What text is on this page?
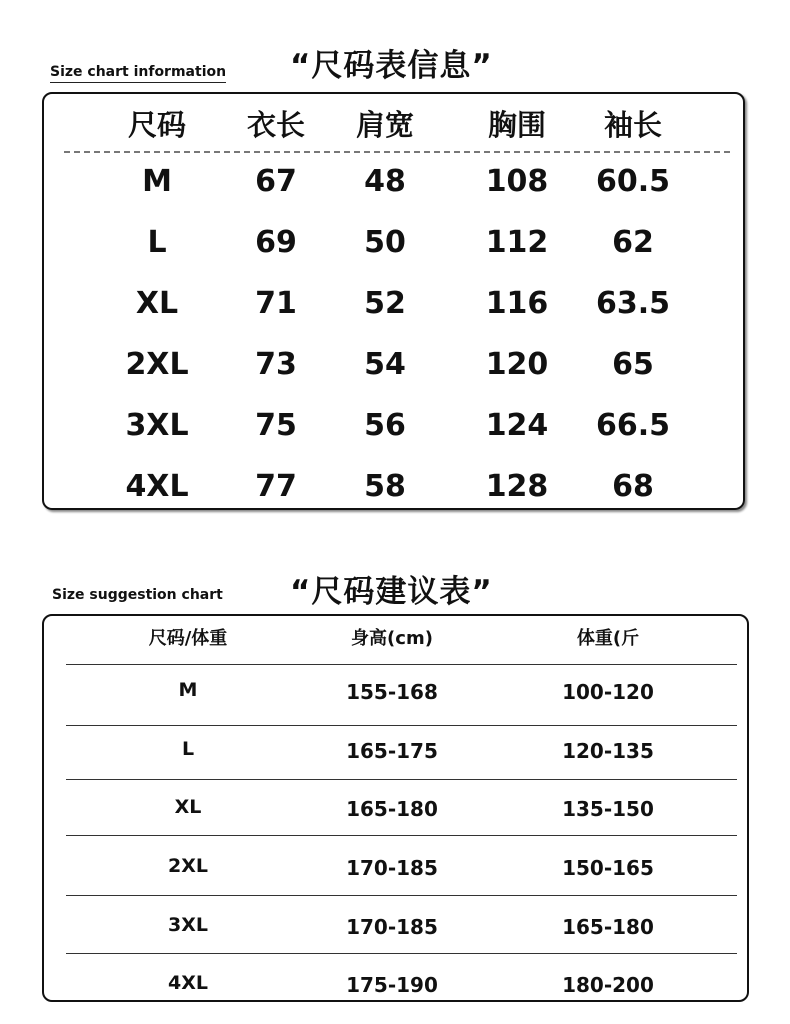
Size chart information “尺码表信息”
尺码	衣长	肩宽	胸围	袖长
M	67	48	108	60.5
L	69	50	112	62
XL	71	52	116	63.5
2XL	73	54	120	65
3XL	75	56	124	66.5
4XL	77	58	128	68
Size suggestion chart “尺码建议表”
尺码/体重	身高(cm)	体重(斤
M	155-168	100-120
L	165-175	120-135
XL	165-180	135-150
2XL	170-185	150-165
3XL	170-185	165-180
4XL	175-190	180-200
